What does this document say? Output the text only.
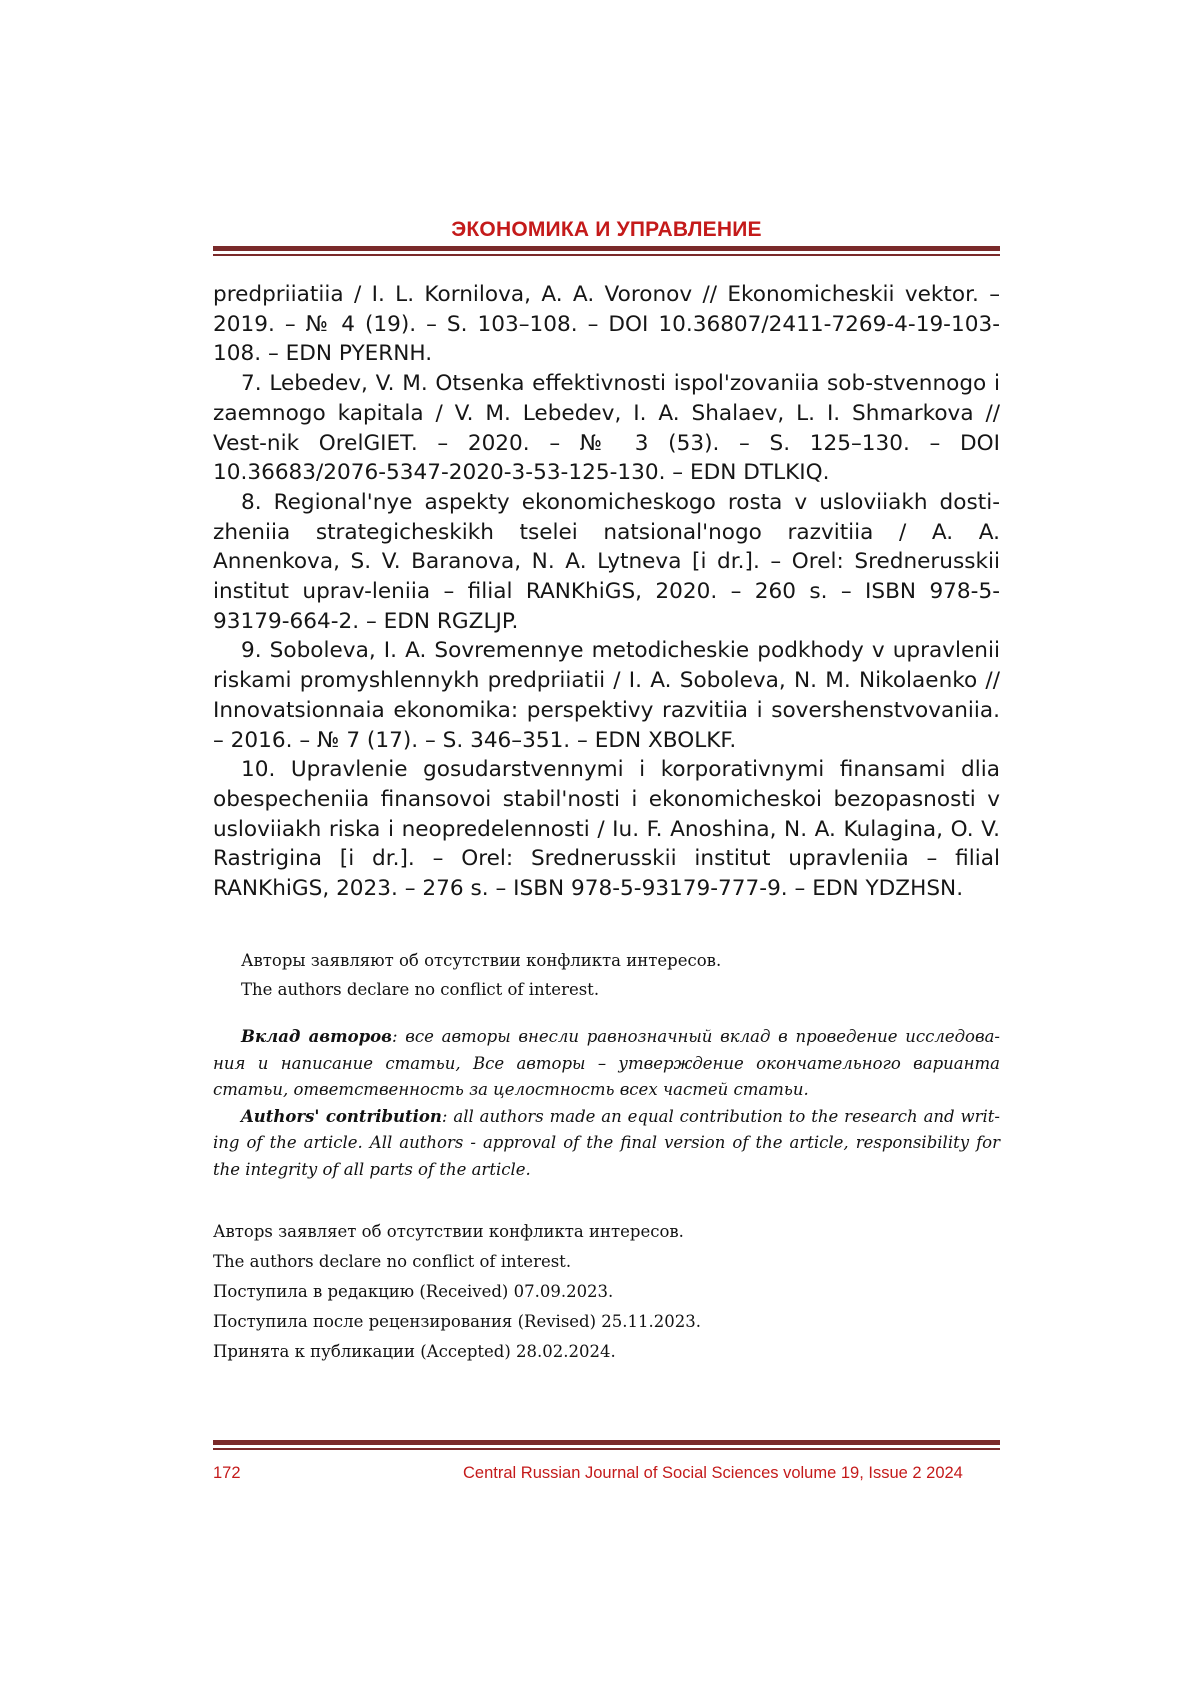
ЭКОНОМИКА И УПРАВЛЕНИЕ

predpriiatiia / I. L. Kornilova, A. A. Voronov // Ekonomicheskii vektor. – 2019. – № 4 (19). – S. 103–108. – DOI 10.36807/2411-7269-4-19-103-108. – EDN PYERNH.

7. Lebedev, V. M. Otsenka effektivnosti ispol'zovaniia sob-stvennogo i zaemnogo kapitala / V. M. Lebedev, I. A. Shalaev, L. I. Shmarkova // Vest-nik OrelGIET. – 2020. – № 3 (53). – S. 125–130. – DOI 10.36683/2076-5347-2020-3-53-125-130. – EDN DTLKIQ.

8. Regional'nye aspekty ekonomicheskogo rosta v usloviiakh dosti-zheniia strategicheskikh tselei natsional'nogo razvitiia / A. A. Annenkova, S. V. Baranova, N. A. Lytneva [i dr.]. – Orel: Srednerusskii institut uprav-leniia – filial RANKhiGS, 2020. – 260 s. – ISBN 978-5-93179-664-2. – EDN RGZLJP.

9. Soboleva, I. A. Sovremennye metodicheskie podkhody v upravlenii riskami promyshlennykh predpriiatii / I. A. Soboleva, N. M. Nikolaenko // Innovatsionnaia ekonomika: perspektivy razvitiia i sovershenstvovaniia. – 2016. – № 7 (17). – S. 346–351. – EDN XBOLKF.

10. Upravlenie gosudarstvennymi i korporativnymi finansami dlia obespecheniia finansovoi stabil'nosti i ekonomicheskoi bezopasnosti v usloviiakh riska i neopredelennosti / Iu. F. Anoshina, N. A. Kulagina, O. V. Rastrigina [i dr.]. – Orel: Srednerusskii institut upravleniia – filial RANKhiGS, 2023. – 276 s. – ISBN 978-5-93179-777-9. – EDN YDZHSN.

Авторы заявляют об отсутствии конфликта интересов.

The authors declare no conflict of interest.

Вклад авторов: все авторы внесли равнозначный вклад в проведение исследова-ния и написание статьи, Все авторы – утверждение окончательного варианта статьи, ответственность за целостность всех частей статьи.

Authors' contribution: all authors made an equal contribution to the research and writ-ing of the article. All authors - approval of the final version of the article, responsibility for the integrity of all parts of the article.

Авторs заявляет об отсутствии конфликта интересов.

The authors declare no conflict of interest.

Поступила в редакцию (Received) 07.09.2023.

Поступила после рецензирования (Revised) 25.11.2023.

Принята к публикации (Accepted) 28.02.2024.

172	Central Russian Journal of Social Sciences volume 19, Issue 2 2024
